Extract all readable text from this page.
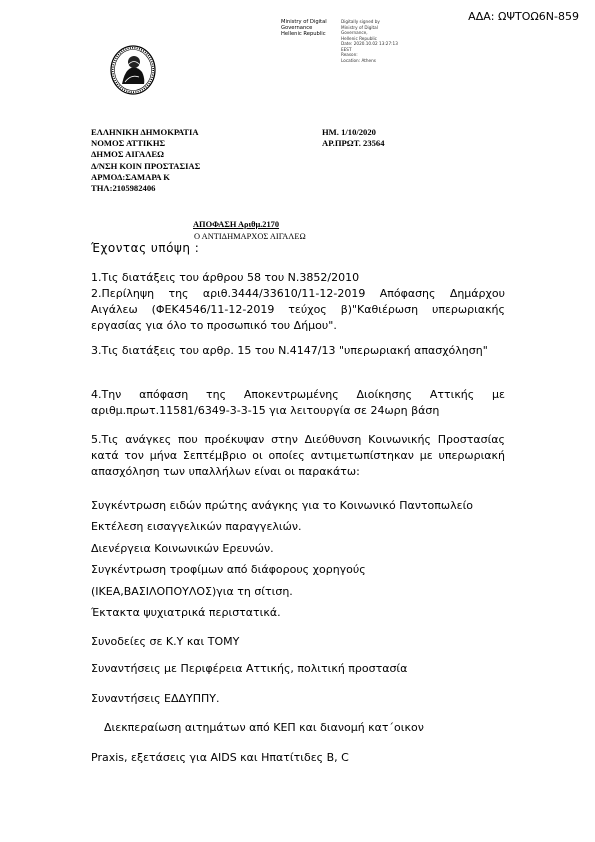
ΑΔΑ: ΩΨΤΟΩ6Ν-859
Ministry of Digital
Governance
Hellenic Republic
Digitally signed by
Ministry of Digital
Governance,
Hellenic Republic
Date: 2020.10.02 13:27:13
EEST
Reason:
Location: Athens
ΕΛΛΗΝΙΚΗ ΔΗΜΟΚΡΑΤΙΑ
ΝΟΜΟΣ ΑΤΤΙΚΗΣ
ΔΗΜΟΣ ΑΙΓΑΛΕΩ
Δ/ΝΣΗ ΚΟΙΝ ΠΡΟΣΤΑΣΙΑΣ
ΑΡΜΟΔ:ΣΑΜΑΡΑ Κ
ΤΗΛ:2105982406
ΗΜ. 1/10/2020
ΑΡ.ΠΡΩΤ. 23564
ΑΠΟΦΑΣΗ Αριθμ.2170
Ο ΑΝΤΙΔΗΜΑΡΧΟΣ ΑΙΓΑΛΕΩ
Έχοντας υπόψη :
1.Τις διατάξεις του άρθρου 58 του Ν.3852/2010
2.Περίληψη της αριθ.3444/33610/11-12-2019 Απόφασης Δημάρχου Αιγάλεω (ΦΕΚ4546/11-12-2019 τεύχος β)"Καθιέρωση υπερωριακής εργασίας για όλο το προσωπικό του Δήμου".
3.Τις διατάξεις του αρθρ. 15 του Ν.4147/13 "υπερωριακή απασχόληση"
4.Την απόφαση της Αποκεντρωμένης Διοίκησης Αττικής με αριθμ.πρωτ.11581/6349-3-3-15 για λειτουργία σε 24ωρη βάση
5.Τις ανάγκες που προέκυψαν στην Διεύθυνση Κοινωνικής Προστασίας κατά τον μήνα Σεπτέμβριο οι οποίες αντιμετωπίστηκαν με υπερωριακή απασχόληση των υπαλλήλων είναι οι παρακάτω:
Συγκέντρωση ειδών πρώτης ανάγκης για το Κοινωνικό Παντοπωλείο
Εκτέλεση εισαγγελικών παραγγελιών.
Διενέργεια Κοινωνικών Ερευνών.
Συγκέντρωση τροφίμων από διάφορους χορηγούς
(ΙΚΕΑ,ΒΑΣΙΛΟΠΟΥΛΟΣ)για τη σίτιση.
Έκτακτα ψυχιατρικά περιστατικά.
Συνοδείες σε Κ.Υ και ΤΟΜΥ
Συναντήσεις με Περιφέρεια Αττικής, πολιτική προστασία
Συναντήσεις ΕΔΔΥΠΠΥ.
Διεκπεραίωση αιτημάτων από ΚΕΠ και διανομή κατ΄οικον
Praxis, εξετάσεις για AIDS και Ηπατίτιδες Β, C
